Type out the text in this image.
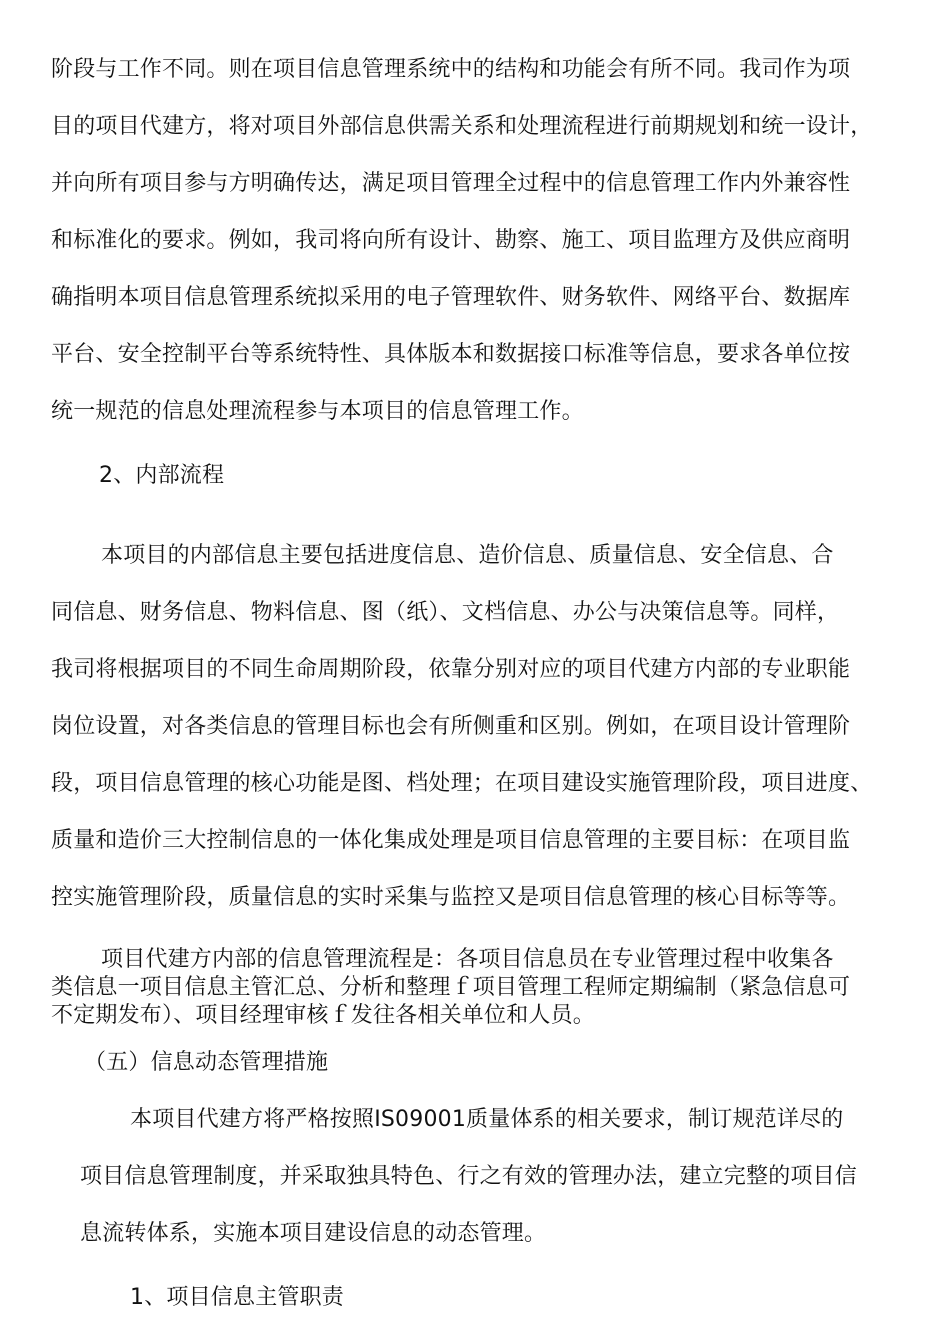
阶段与工作不同。则在项目信息管理系统中的结构和功能会有所不同。我司作为项
目的项目代建方，将对项目外部信息供需关系和处理流程进行前期规划和统一设计，
并向所有项目参与方明确传达，满足项目管理全过程中的信息管理工作内外兼容性
和标准化的要求。例如，我司将向所有设计、勘察、施工、项目监理方及供应商明
确指明本项目信息管理系统拟采用的电子管理软件、财务软件、网络平台、数据库
平台、安全控制平台等系统特性、具体版本和数据接口标准等信息，要求各单位按
统一规范的信息处理流程参与本项目的信息管理工作。
2、内部流程
本项目的内部信息主要包括进度信息、造价信息、质量信息、安全信息、合
同信息、财务信息、物料信息、图（纸）、文档信息、办公与决策信息等。同样，
我司将根据项目的不同生命周期阶段，依靠分别对应的项目代建方内部的专业职能
岗位设置，对各类信息的管理目标也会有所侧重和区别。例如，在项目设计管理阶
段，项目信息管理的核心功能是图、档处理；在项目建设实施管理阶段，项目进度、
质量和造价三大控制信息的一体化集成处理是项目信息管理的主要目标：在项目监
控实施管理阶段，质量信息的实时采集与监控又是项目信息管理的核心目标等等。
项目代建方内部的信息管理流程是：各项目信息员在专业管理过程中收集各
类信息一项目信息主管汇总、分析和整理ｆ项目管理工程师定期编制（紧急信息可
不定期发布）、项目经理审核ｆ发往各相关单位和人员。
（五）信息动态管理措施
本项目代建方将严格按照IS09001质量体系的相关要求，制订规范详尽的
项目信息管理制度，并采取独具特色、行之有效的管理办法，建立完整的项目信
息流转体系，实施本项目建设信息的动态管理。
1、项目信息主管职责
